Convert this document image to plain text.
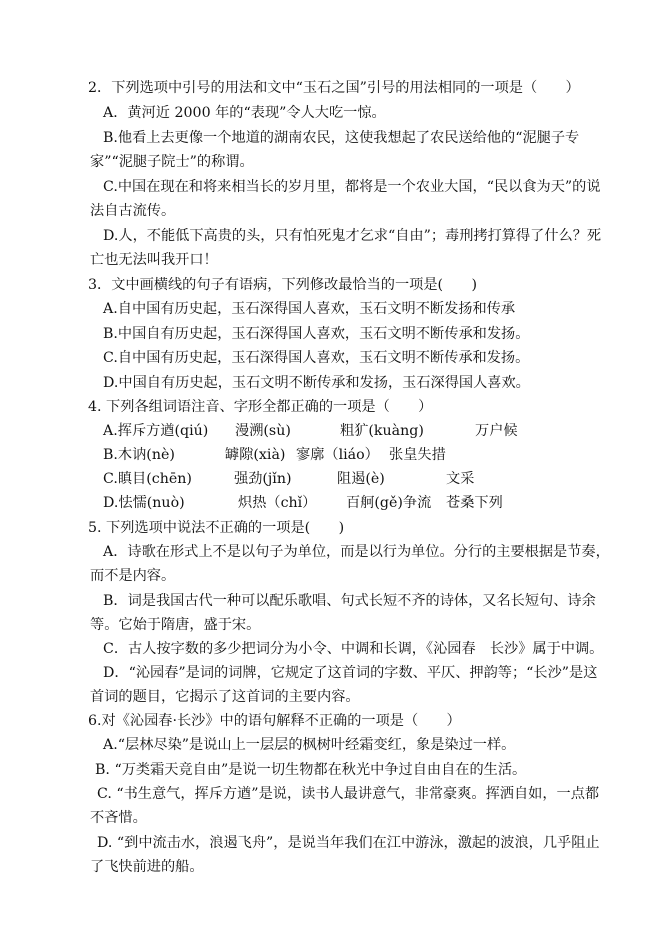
2．下列选项中引号的用法和文中“玉石之国”引号的用法相同的一项是（　　）
A．黄河近 2000 年的“表现”令人大吃一惊。
B.他看上去更像一个地道的湖南农民，这使我想起了农民送给他的“泥腿子专
家”“泥腿子院士”的称谓。
C.中国在现在和将来相当长的岁月里，都将是一个农业大国，“民以食为天”的说
法自古流传。
D.人，不能低下高贵的头，只有怕死鬼才乞求“自由”；毒刑拷打算得了什么？死
亡也无法叫我开口！
3．文中画横线的句子有语病，下列修改最恰当的一项是(　　)
A.自中国有历史起，玉石深得国人喜欢，玉石文明不断发扬和传承
B.中国自有历史起，玉石深得国人喜欢，玉石文明不断传承和发扬。
C.自中国有历史起，玉石深得国人喜欢，玉石文明不断传承和发扬。
D.中国自有历史起，玉石文明不断传承和发扬，玉石深得国人喜欢。
4. 下列各组词语注音、字形全都正确的一项是（　　）
A.挥斥方遒(qiú) 漫溯(sù)	粗犷(kuàng)	万户候
B.木讷(nè)	罅隙(xià) 寥廓（liáo） 张皇失措
C.瞋目(chēn)	强劲(jǐn)	阻遏(è)	文采
D.怯懦(nuò)	炽热（chǐ） 百舸(gě)争流 苍桑下列
5. 下列选项中说法不正确的一项是(　　)
A．诗歌在形式上不是以句子为单位，而是以行为单位。分行的主要根据是节奏，
而不是内容。
B．词是我国古代一种可以配乐歌唱、句式长短不齐的诗体，又名长短句、诗余
等。它始于隋唐，盛于宋。
C．古人按字数的多少把词分为小令、中调和长调，《沁园春　长沙》属于中调。
D．“沁园春”是词的词牌，它规定了这首词的字数、平仄、押韵等；“长沙”是这
首词的题目，它揭示了这首词的主要内容。
6.对《沁园春·长沙》中的语句解释不正确的一项是（　　）
A.“层林尽染”是说山上一层层的枫树叶经霜变红，象是染过一样。
B. “万类霜天竞自由”是说一切生物都在秋光中争过自由自在的生活。
C. “书生意气，挥斥方遒”是说，读书人最讲意气，非常豪爽。挥洒自如，一点都
不吝惜。
D. “到中流击水，浪遏飞舟”，是说当年我们在江中游泳，激起的波浪，几乎阻止
了飞快前进的船。
